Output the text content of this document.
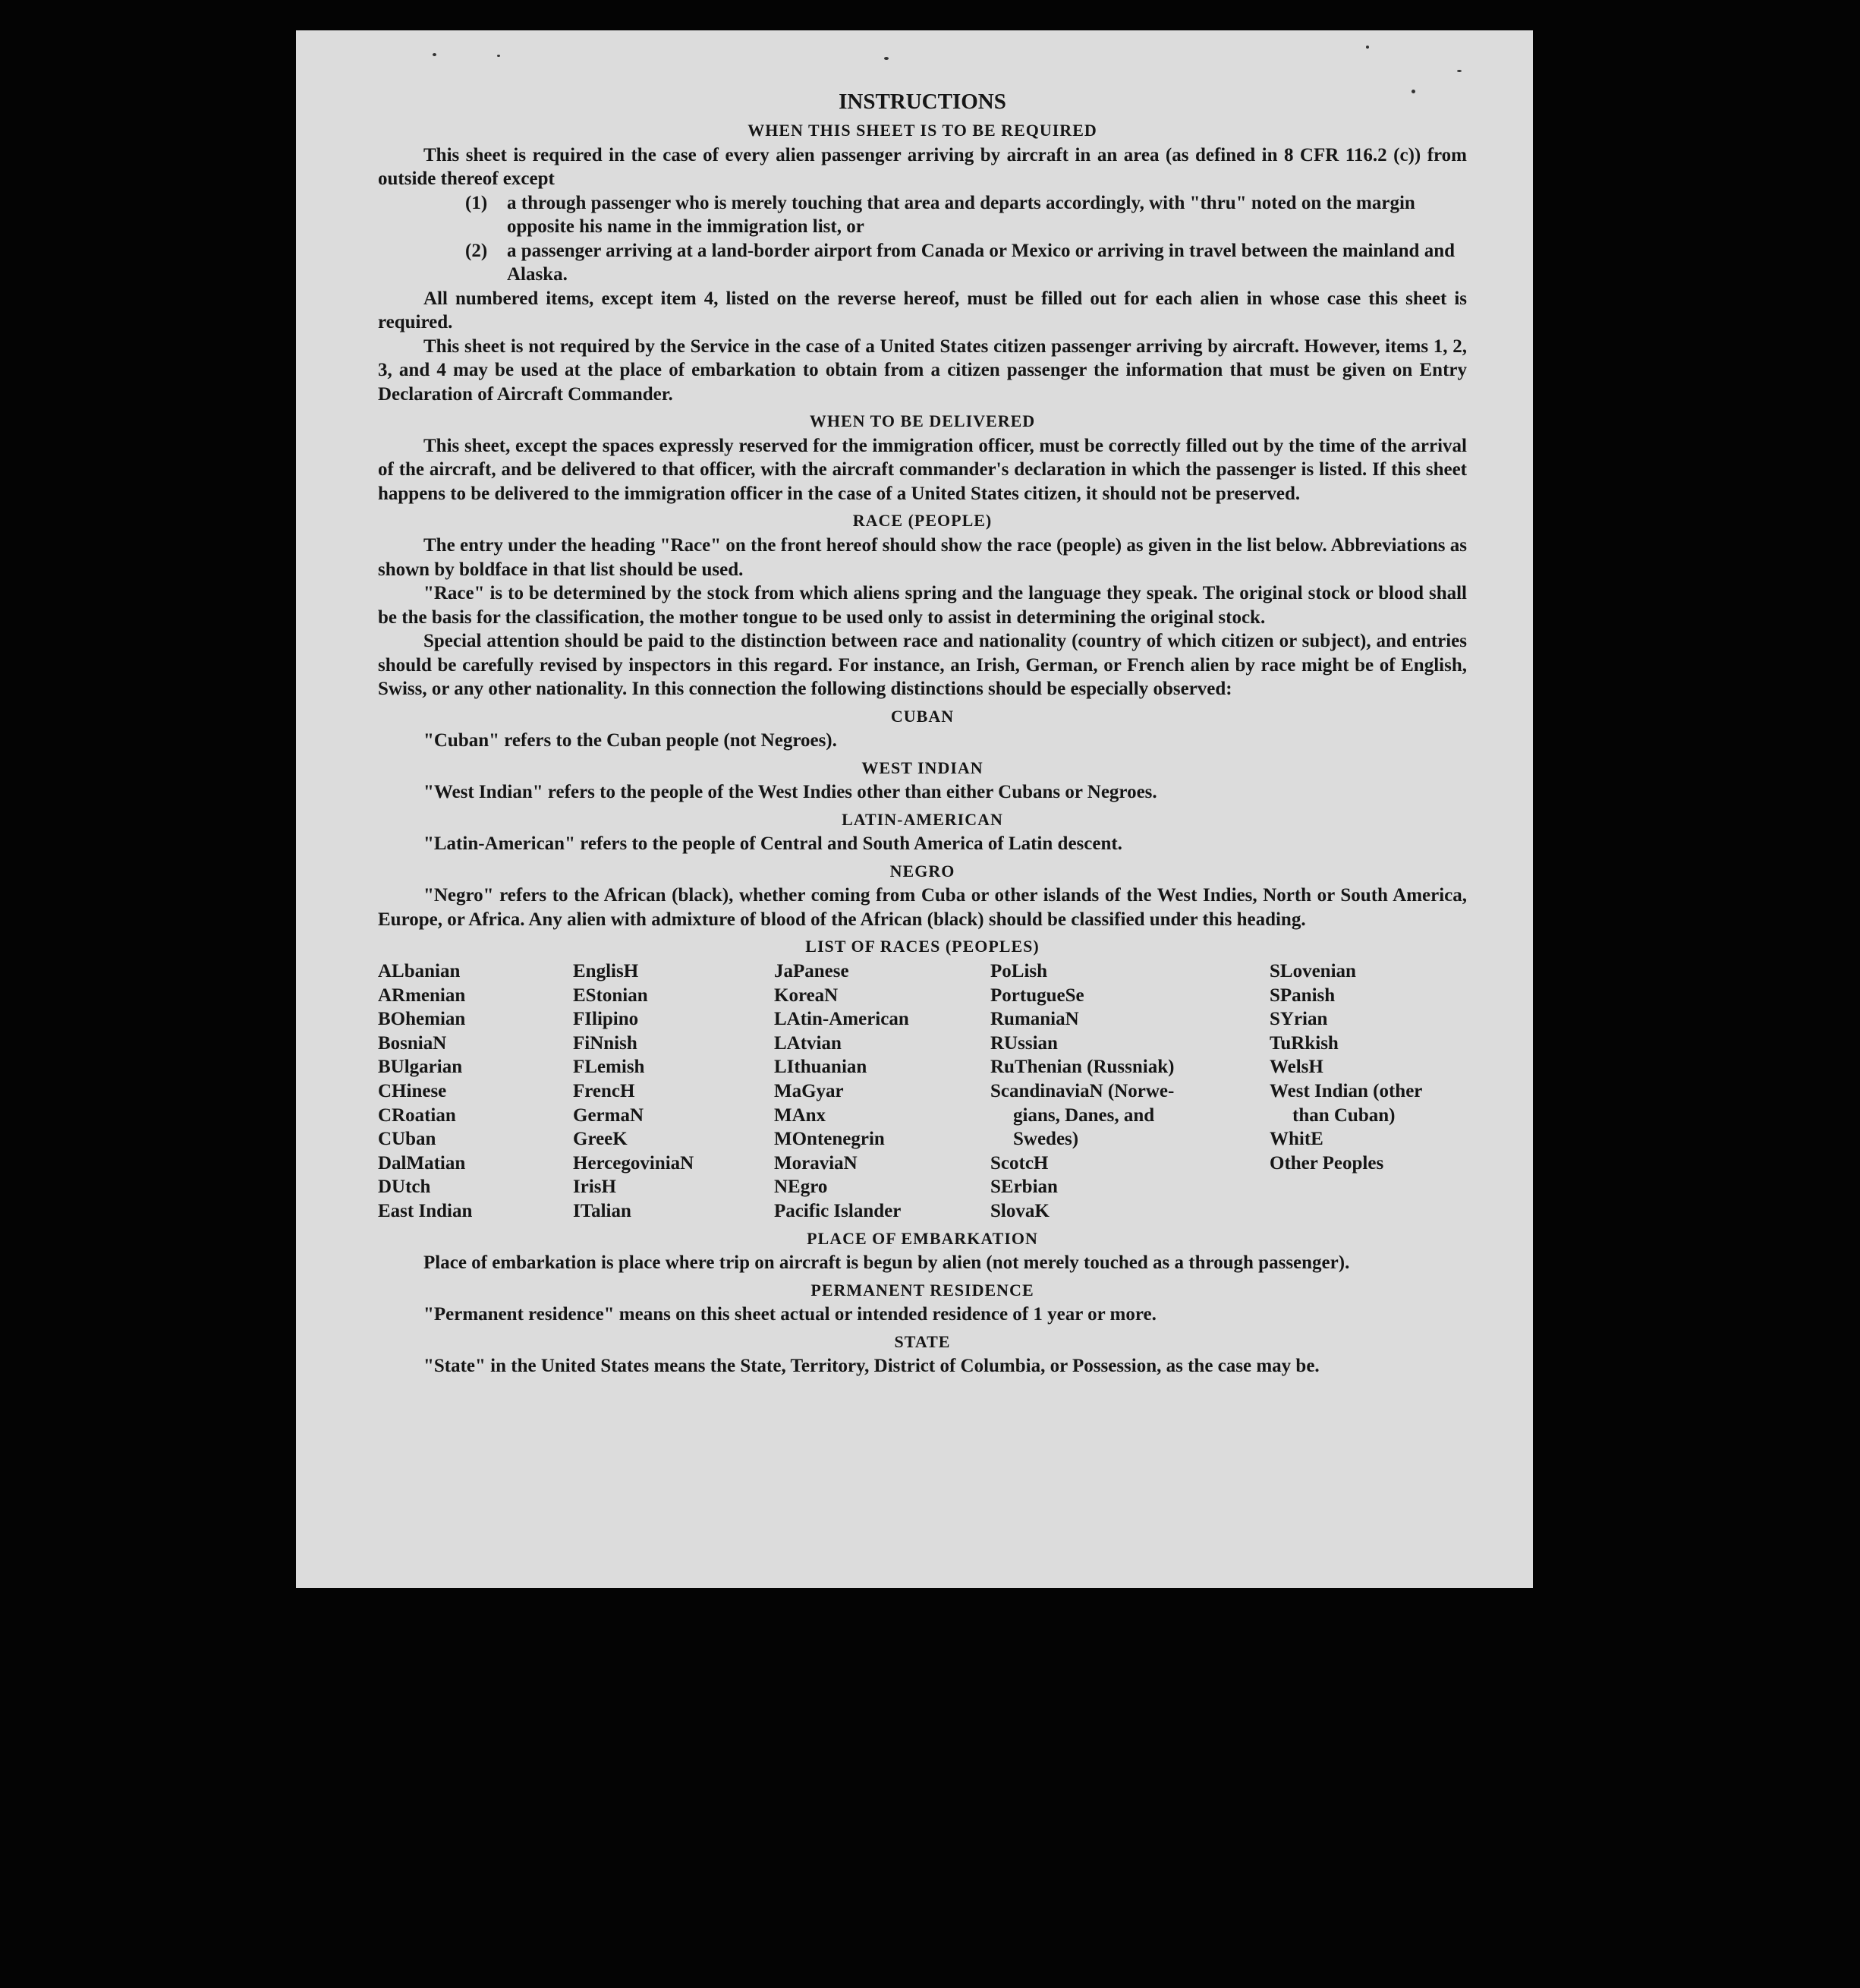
INSTRUCTIONS
WHEN THIS SHEET IS TO BE REQUIRED

This sheet is required in the case of every alien passenger arriving by aircraft in an area (as defined in 8 CFR 116.2 (c)) from outside thereof except

(1) a through passenger who is merely touching that area and departs accordingly, with "thru" noted on the margin opposite his name in the immigration list, or
(2) a passenger arriving at a land-border airport from Canada or Mexico or arriving in travel between the mainland and Alaska.

All numbered items, except item 4, listed on the reverse hereof, must be filled out for each alien in whose case this sheet is required.

This sheet is not required by the Service in the case of a United States citizen passenger arriving by aircraft. However, items 1, 2, 3, and 4 may be used at the place of embarkation to obtain from a citizen passenger the information that must be given on Entry Declaration of Aircraft Commander.

WHEN TO BE DELIVERED

This sheet, except the spaces expressly reserved for the immigration officer, must be correctly filled out by the time of the arrival of the aircraft, and be delivered to that officer, with the aircraft commander's declaration in which the passenger is listed. If this sheet happens to be delivered to the immigration officer in the case of a United States citizen, it should not be preserved.

RACE (PEOPLE)

The entry under the heading "Race" on the front hereof should show the race (people) as given in the list below. Abbreviations as shown by boldface in that list should be used.

"Race" is to be determined by the stock from which aliens spring and the language they speak. The original stock or blood shall be the basis for the classification, the mother tongue to be used only to assist in determining the original stock.

Special attention should be paid to the distinction between race and nationality (country of which citizen or subject), and entries should be carefully revised by inspectors in this regard. For instance, an Irish, German, or French alien by race might be of English, Swiss, or any other nationality. In this connection the following distinctions should be especially observed:

CUBAN

"Cuban" refers to the Cuban people (not Negroes).

WEST INDIAN

"West Indian" refers to the people of the West Indies other than either Cubans or Negroes.

LATIN-AMERICAN

"Latin-American" refers to the people of Central and South America of Latin descent.

NEGRO

"Negro" refers to the African (black), whether coming from Cuba or other islands of the West Indies, North or South America, Europe, or Africa. Any alien with admixture of blood of the African (black) should be classified under this heading.

LIST OF RACES (PEOPLES)
ALbanian
ARmenian
BOhemian
BosniaN
BUlgarian
CHinese
CRoatian
CUban
DalMatian
DUtch
East Indian
EnglisH
EStonian
FIlipino
FiNnish
FLemish
FrencH
GermaN
GreeK
HercegoviniaN
IrisH
ITalian
JaPanese
KoreaN
LAtin-American
LAtvian
LIthuanian
MaGyar
MAnx
MOntenegrin
MoraviaN
NEgro
Pacific Islander
PoLish
PortugueSe
RumaniaN
RUssian
RuThenian (Russniak)
ScandinaviaN (Norwe-
gians, Danes, and
Swedes)
ScotcH
SErbian
SlovaK
SLovenian
SPanish
SYrian
TuRkish
WelsH
West Indian (other
than Cuban)
WhitE
Other Peoples
PLACE OF EMBARKATION

Place of embarkation is place where trip on aircraft is begun by alien (not merely touched as a through passenger).

PERMANENT RESIDENCE

"Permanent residence" means on this sheet actual or intended residence of 1 year or more.

STATE

"State" in the United States means the State, Territory, District of Columbia, or Possession, as the case may be.
